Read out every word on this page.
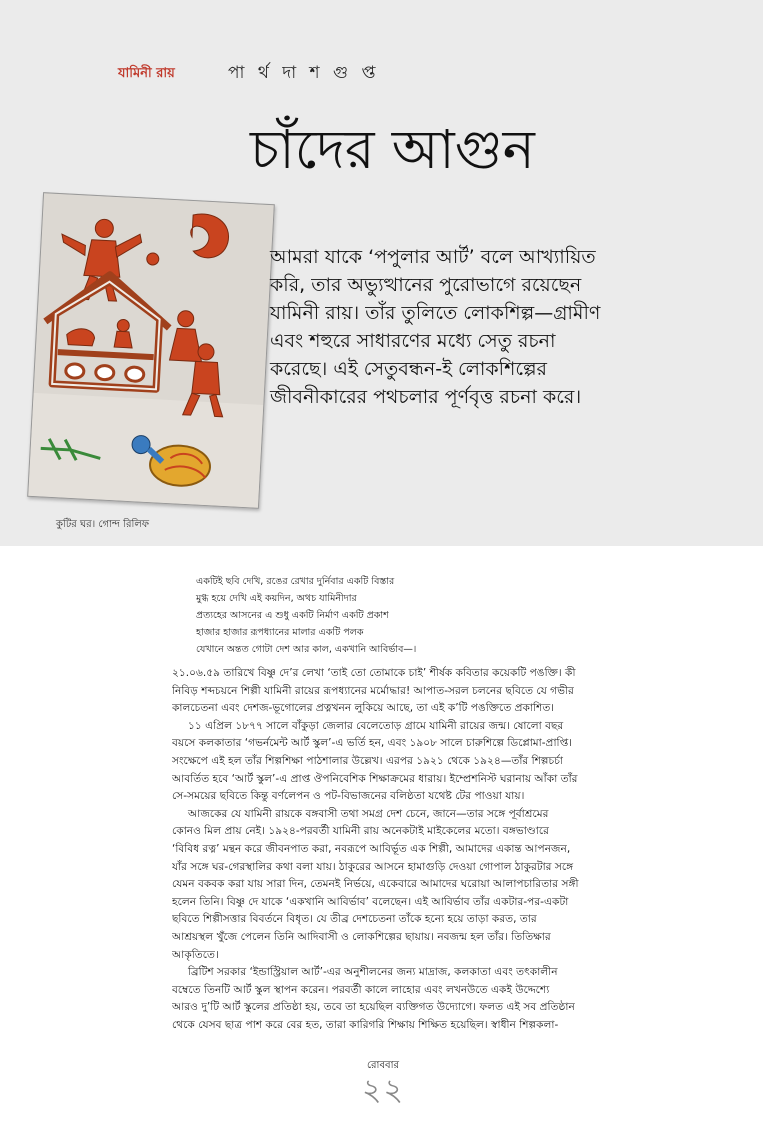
যামিনী রায়	পা র্থ দা শ গু প্ত
চাঁদের আগুন
কুটির ঘর। গোন্দ রিলিফ
আমরা যাকে ‘পপুলার আর্ট’ বলে আখ্যায়িত
করি, তার অভ্যুত্থানের পুরোভাগে রয়েছেন
যামিনী রায়। তাঁর তুলিতে লোকশিল্প—গ্রামীণ
এবং শহুরে সাধারণের মধ্যে সেতু রচনা
করেছে। এই সেতুবন্ধন-ই লোকশিল্পের
জীবনীকারের পথচলার পূর্ণবৃত্ত রচনা করে।
একটিই ছবি দেখি, রঙের রেখার দুর্নিবার একটি বিস্তার
মুগ্ধ হয়ে দেখি এই কয়দিন, অথচ যামিনীদার
প্রত্যহের আসনের এ শুধু একটি নির্মাণ একটি প্রকাশ
হাজার হাজার রূপধ্যানের মালার একটি পলক
যেখানে অন্তত গোটা দেশ আর কাল, একখানি আবির্ভাব—।
২১.০৬.৫৯ তারিখে বিষ্ণু দে’র লেখা ‘তাই তো তোমাকে চাই’ শীর্ষক কবিতার কয়েকটি পঙক্তি। কী
নিবিড় শব্দচয়নে শিল্পী যামিনী রায়ের রূপধ্যানের মর্মোদ্ধার! আপাত-সরল চলনের ছবিতে যে গভীর
কালচেতনা এবং দেশজ-ভূগোলের প্রত্নখনন লুকিয়ে আছে, তা এই ক’টি পঙক্তিতে প্রকাশিত।
১১ এপ্রিল ১৮৭৭ সালে বাঁকুড়া জেলার বেলেতোড় গ্রামে যামিনী রায়ের জন্ম। ষোলো বছর
বয়সে কলকাতার ‘গভর্নমেন্ট আর্ট স্কুল’-এ ভর্তি হন, এবং ১৯০৮ সালে চারুশিল্পে ডিপ্লোমা-প্রাপ্তি।
সংক্ষেপে এই হল তাঁর শিল্পশিক্ষা পাঠশালার উল্লেখ। এরপর ১৯২১ থেকে ১৯২৪—তাঁর শিল্পচর্চা
আবর্তিত হবে ‘আর্ট স্কুল’-এ প্রাপ্ত ঔপনিবেশিক শিক্ষাক্রমের ধারায়। ইম্প্রেশনিস্ট ঘরানায় আঁকা তাঁর
সে-সময়ের ছবিতে কিন্তু বর্ণলেপন ও পট-বিভাজনের বলিষ্ঠতা যথেষ্ট টের পাওয়া যায়।
আজকের যে যামিনী রায়কে বঙ্গবাসী তথা সমগ্র দেশ চেনে, জানে—তার সঙ্গে পূর্বাশ্রমের
কোনও মিল প্রায় নেই। ১৯২৪-পরবর্তী যামিনী রায় অনেকটাই মাইকেলের মতো। বঙ্গভাণ্ডারে
‘বিবিধ রত্ন’ মন্থন করে জীবনপাত করা, নবরূপে আবির্ভূত এক শিল্পী, আমাদের একান্ত আপনজন,
যাঁর সঙ্গে ঘর-গেরস্থালির কথা বলা যায়। ঠাকুরের আসনে হামাগুড়ি দেওয়া গোপাল ঠাকুরটার সঙ্গে
যেমন বকবক করা যায় সারা দিন, তেমনই নির্ভয়ে, একেবারে আমাদের ঘরোয়া আলাপচারিতার সঙ্গী
হলেন তিনি। বিষ্ণু দে যাকে ‘একখানি আবির্ভাব’ বলেছেন। এই আবির্ভাব তাঁর একটার-পর-একটা
ছবিতে শিল্পীসত্তার বিবর্তনে বিধৃত। যে তীব্র দেশচেতনা তাঁকে হন্যে হয়ে তাড়া করত, তার
আশ্রয়স্থল খুঁজে পেলেন তিনি আদিবাসী ও লোকশিল্পের ছায়ায়। নবজন্ম হল তাঁর। তিতিক্ষার
আকৃতিতে।
ব্রিটিশ সরকার ‘ইন্ডাস্ট্রিয়াল আর্ট’-এর অনুশীলনের জন্য মাদ্রাজ, কলকাতা এবং তৎকালীন
বম্বেতে তিনটি আর্ট স্কুল স্থাপন করেন। পরবর্তী কালে লাহোর এবং লখনউতে একই উদ্দেশ্যে
আরও দু’টি আর্ট স্কুলের প্রতিষ্ঠা হয়, তবে তা হয়েছিল ব্যক্তিগত উদ্যোগে। ফলত এই সব প্রতিষ্ঠান
থেকে যেসব ছাত্র পাশ করে বের হত, তারা কারিগরি শিক্ষায় শিক্ষিত হয়েছিল। স্বাধীন শিল্পকলা-
রোববার
২২
